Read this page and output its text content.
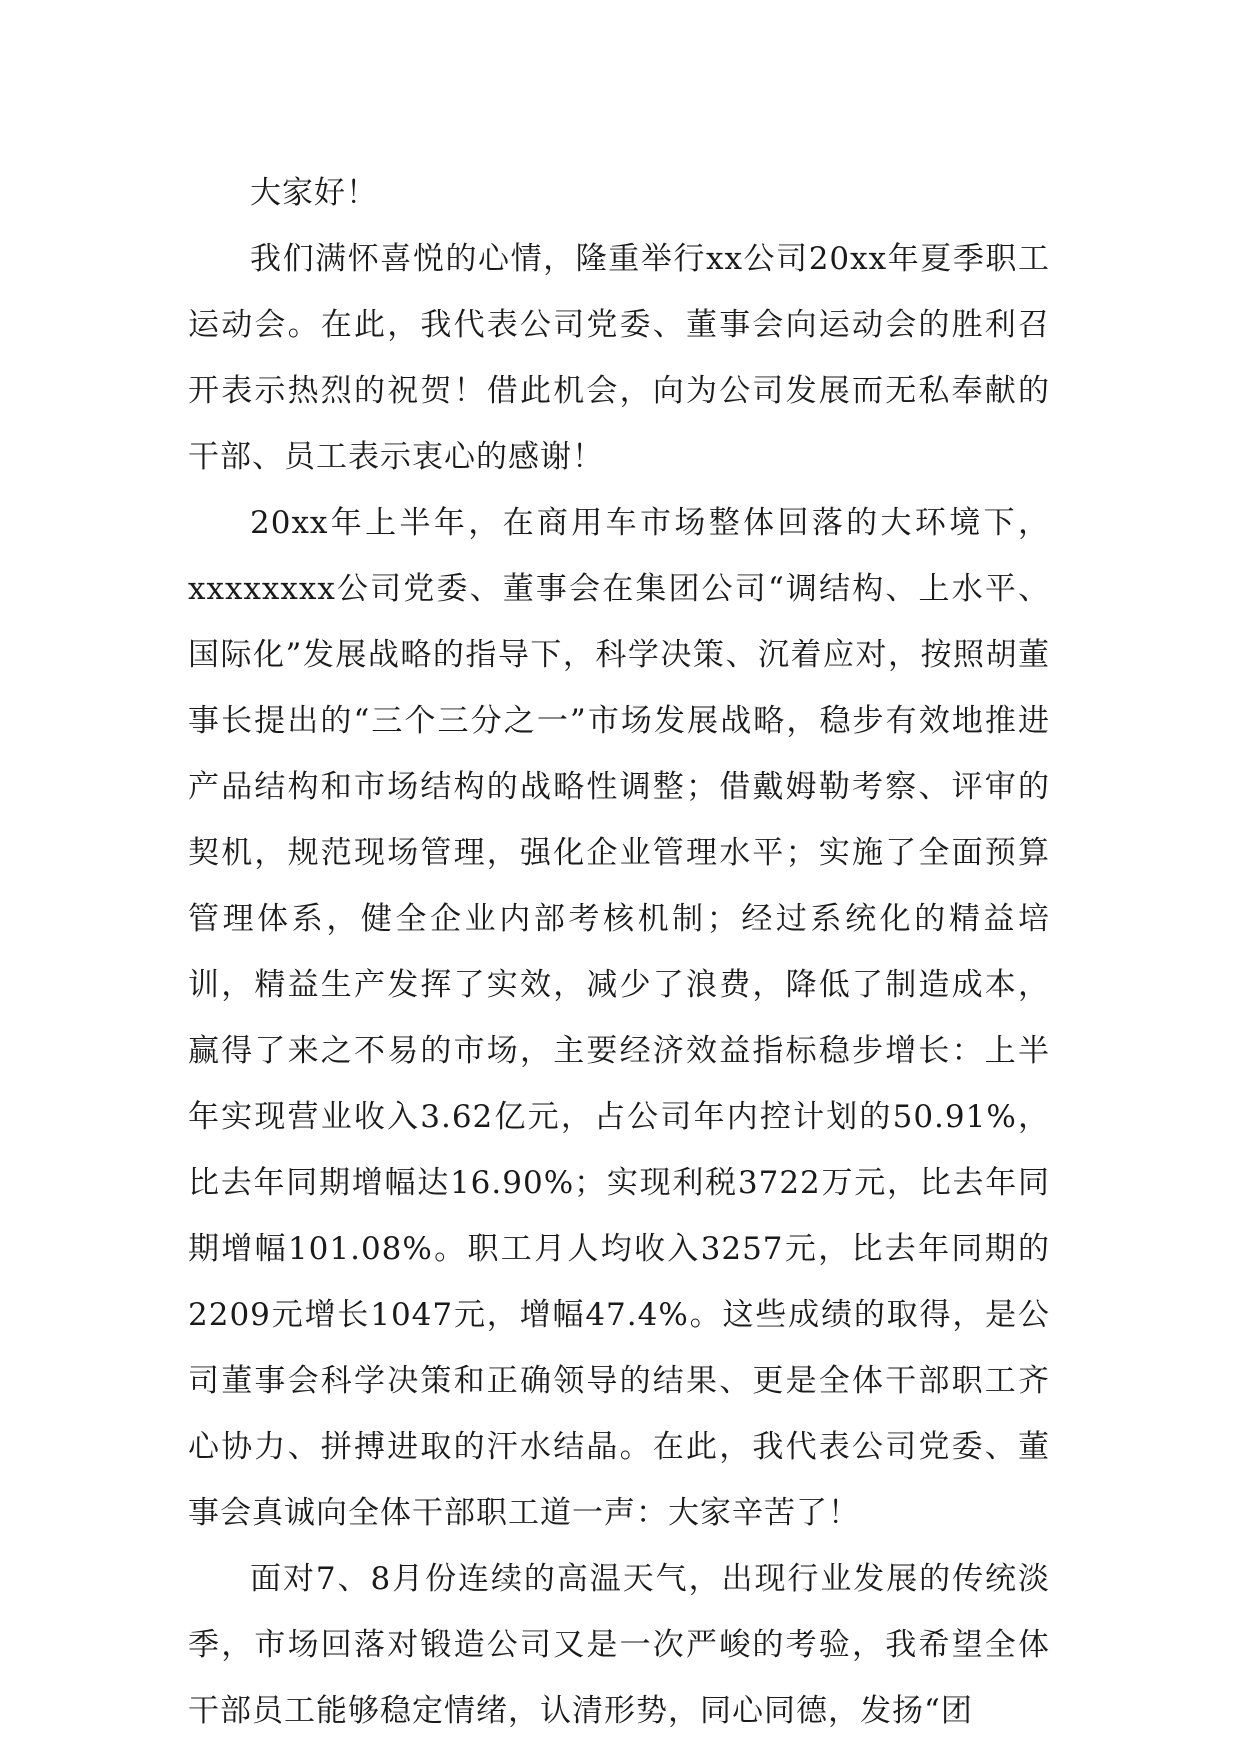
大家好！

我们满怀喜悦的心情，隆重举行xx公司20xx年夏季职工运动会。在此，我代表公司党委、董事会向运动会的胜利召开表示热烈的祝贺！借此机会，向为公司发展而无私奉献的干部、员工表示衷心的感谢！

20xx年上半年，在商用车市场整体回落的大环境下，xxxxxxxx公司党委、董事会在集团公司“调结构、上水平、国际化”发展战略的指导下，科学决策、沉着应对，按照胡董事长提出的“三个三分之一”市场发展战略，稳步有效地推进产品结构和市场结构的战略性调整；借戴姆勒考察、评审的契机，规范现场管理，强化企业管理水平；实施了全面预算管理体系，健全企业内部考核机制；经过系统化的精益培训，精益生产发挥了实效，减少了浪费，降低了制造成本，赢得了来之不易的市场，主要经济效益指标稳步增长：上半年实现营业收入3.62亿元，占公司年内控计划的50.91%，比去年同期增幅达16.90%；实现利税3722万元，比去年同期增幅101.08%。职工月人均收入3257元，比去年同期的2209元增长1047元，增幅47.4%。这些成绩的取得，是公司董事会科学决策和正确领导的结果、更是全体干部职工齐心协力、拼搏进取的汗水结晶。在此，我代表公司党委、董事会真诚向全体干部职工道一声：大家辛苦了！

面对7、8月份连续的高温天气，出现行业发展的传统淡季，市场回落对锻造公司又是一次严峻的考验，我希望全体干部员工能够稳定情绪，认清形势，同心同德，发扬“团
